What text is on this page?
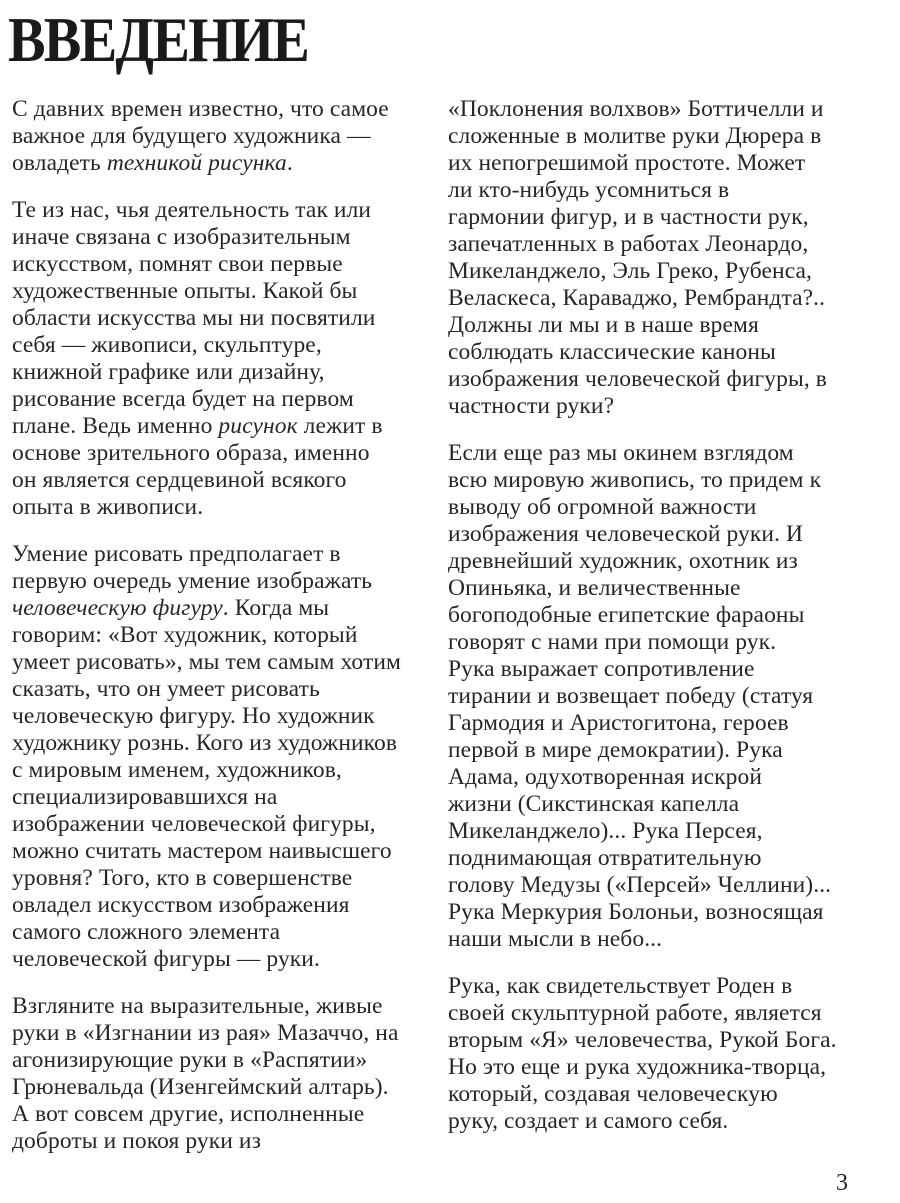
ВВЕДЕНИЕ

С давних времен известно, что самое
важное для будущего художника —
овладеть техникой рисунка.

Те из нас, чья деятельность так или
иначе связана с изобразительным
искусством, помнят свои первые
художественные опыты. Какой бы
области искусства мы ни посвятили
себя — живописи, скульптуре,
книжной графике или дизайну,
рисование всегда будет на первом
плане. Ведь именно рисунок лежит в
основе зрительного образа, именно
он является сердцевиной всякого
опыта в живописи.

Умение рисовать предполагает в
первую очередь умение изображать
человеческую фигуру. Когда мы
говорим: «Вот художник, который
умеет рисовать», мы тем самым хотим
сказать, что он умеет рисовать
человеческую фигуру. Но художник
художнику рознь. Кого из художников
с мировым именем, художников,
специализировавшихся на
изображении человеческой фигуры,
можно считать мастером наивысшего
уровня? Того, кто в совершенстве
овладел искусством изображения
самого сложного элемента
человеческой фигуры — руки.

Взгляните на выразительные, живые
руки в «Изгнании из рая» Мазаччо, на
агонизирующие руки в «Распятии»
Грюневальда (Изенгеймский алтарь).
А вот совсем другие, исполненные
доброты и покоя руки из

«Поклонения волхвов» Боттичелли и
сложенные в молитве руки Дюрера в
их непогрешимой простоте. Может
ли кто-нибудь усомниться в
гармонии фигур, и в частности рук,
запечатленных в работах Леонардо,
Микеланджело, Эль Греко, Рубенса,
Веласкеса, Караваджо, Рембрандта?..
Должны ли мы и в наше время
соблюдать классические каноны
изображения человеческой фигуры, в
частности руки?

Если еще раз мы окинем взглядом
всю мировую живопись, то придем к
выводу об огромной важности
изображения человеческой руки. И
древнейший художник, охотник из
Опиньяка, и величественные
богоподобные египетские фараоны
говорят с нами при помощи рук.
Рука выражает сопротивление
тирании и возвещает победу (статуя
Гармодия и Аристогитона, героев
первой в мире демократии). Рука
Адама, одухотворенная искрой
жизни (Сикстинская капелла
Микеланджело)... Рука Персея,
поднимающая отвратительную
голову Медузы («Персей» Челлини)...
Рука Меркурия Болоньи, возносящая
наши мысли в небо...

Рука, как свидетельствует Роден в
своей скульптурной работе, является
вторым «Я» человечества, Рукой Бога.
Но это еще и рука художника-творца,
который, создавая человеческую
руку, создает и самого себя.

3
